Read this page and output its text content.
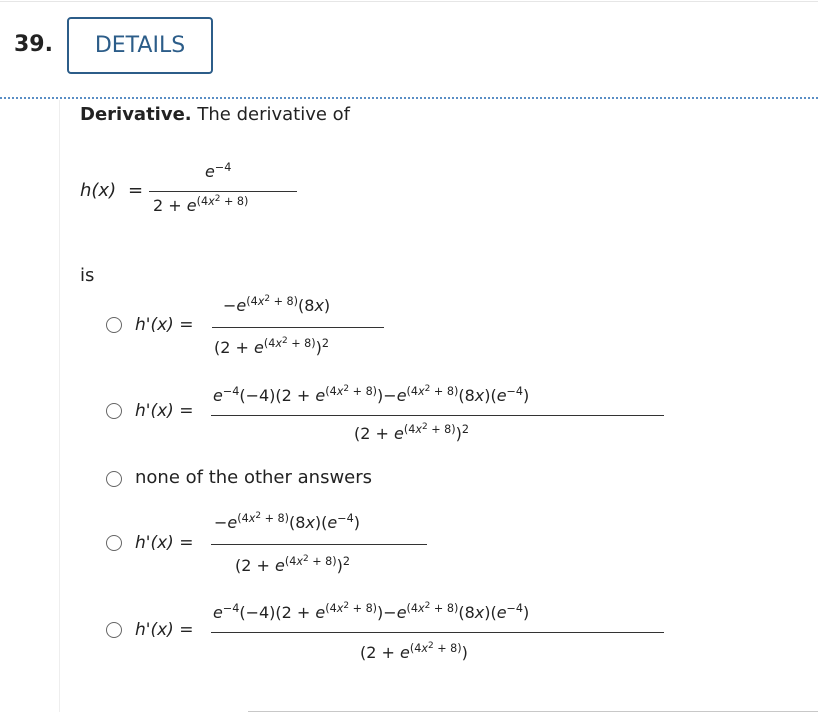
39.	DETAILS
Derivative. The derivative of
h(x) =
$e^{-4}$
$2 + e^{(4x^2 + 8)}$
is
h'(x) =
$-e^{(4x^2 + 8)}(8x)$
$(2 + e^{(4x^2 + 8)})^2$
h'(x) =
$e^{-4}(-4)(2 + e^{(4x^2 + 8)})-e^{(4x^2 + 8)}(8x)(e^{-4})$
$(2 + e^{(4x^2 + 8)})^2$
none of the other answers
h'(x) =
$-e^{(4x^2 + 8)}(8x)(e^{-4})$
$(2 + e^{(4x^2 + 8)})^2$
h'(x) =
$e^{-4}(-4)(2 + e^{(4x^2 + 8)})-e^{(4x^2 + 8)}(8x)(e^{-4})$
$(2 + e^{(4x^2 + 8)})$
